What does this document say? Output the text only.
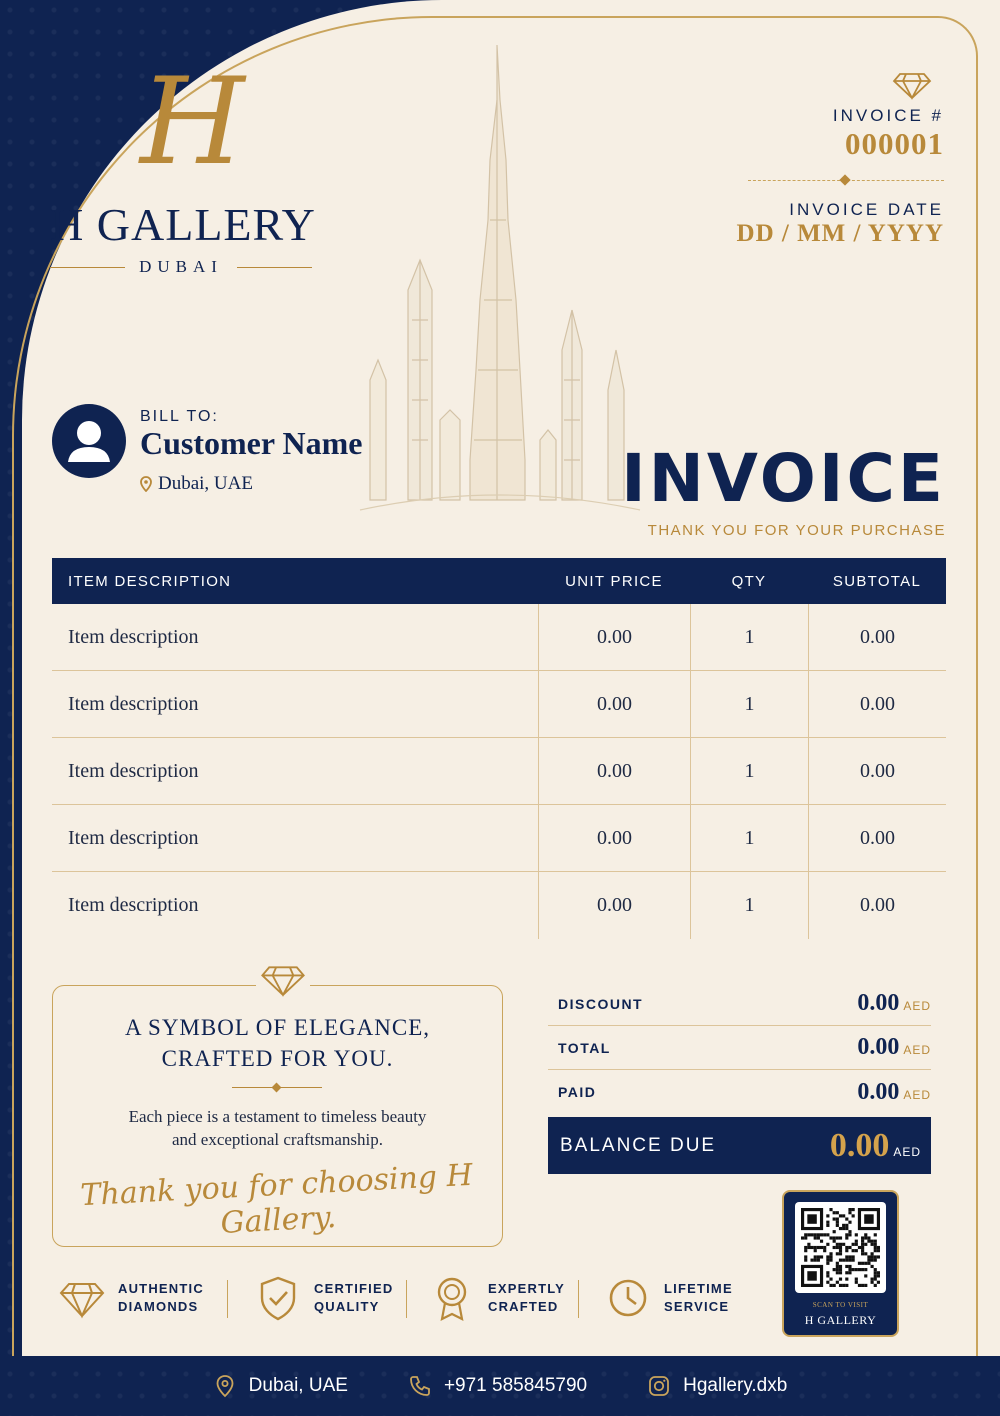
H
H GALLERY
DUBAI
INVOICE #
000001
INVOICE DATE
DD / MM / YYYY
BILL TO:
Customer Name
Dubai, UAE	INVOICE
THANK YOU FOR YOUR PURCHASE
ITEM DESCRIPTION	UNIT PRICE	QTY	SUBTOTAL
Item description	0.00	1	0.00
Item description	0.00	1	0.00
Item description	0.00	1	0.00
Item description	0.00	1	0.00
Item description	0.00	1	0.00
A SYMBOL OF ELEGANCE,
CRAFTED FOR YOU.
Each piece is a testament to timeless beauty
and exceptional craftsmanship.
Thank you for choosing H Gallery.
DISCOUNT	0.00 AED
TOTAL	0.00 AED
PAID	0.00 AED
BALANCE DUE	0.00 AED
SCAN TO VISIT
H GALLERY
AUTHENTIC
DIAMONDS
CERTIFIED
QUALITY
EXPERTLY
CRAFTED
LIFETIME
SERVICE
Dubai, UAE	+971 585845790	Hgallery.dxb
